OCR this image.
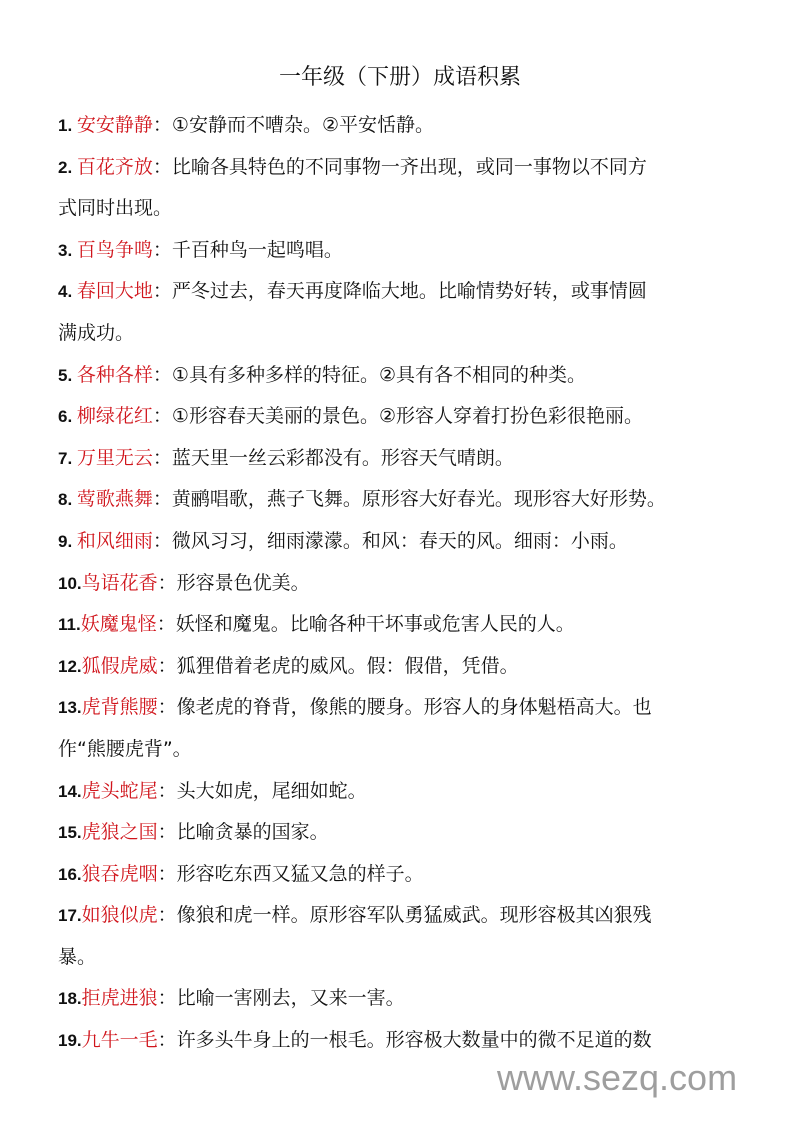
一年级（下册）成语积累
1. 安安静静：①安静而不嘈杂。②平安恬静。
2. 百花齐放：比喻各具特色的不同事物一齐出现，或同一事物以不同方
式同时出现。
3. 百鸟争鸣：千百种鸟一起鸣唱。
4. 春回大地：严冬过去，春天再度降临大地。比喻情势好转，或事情圆
满成功。
5. 各种各样：①具有多种多样的特征。②具有各不相同的种类。
6. 柳绿花红：①形容春天美丽的景色。②形容人穿着打扮色彩很艳丽。
7. 万里无云：蓝天里一丝云彩都没有。形容天气晴朗。
8. 莺歌燕舞：黄鹂唱歌，燕子飞舞。原形容大好春光。现形容大好形势。
9. 和风细雨：微风习习，细雨濛濛。和风：春天的风。细雨：小雨。
10.鸟语花香：形容景色优美。
11.妖魔鬼怪：妖怪和魔鬼。比喻各种干坏事或危害人民的人。
12.狐假虎威：狐狸借着老虎的威风。假：假借，凭借。
13.虎背熊腰：像老虎的脊背，像熊的腰身。形容人的身体魁梧高大。也
作“熊腰虎背”。
14.虎头蛇尾：头大如虎，尾细如蛇。
15.虎狼之国：比喻贪暴的国家。
16.狼吞虎咽：形容吃东西又猛又急的样子。
17.如狼似虎：像狼和虎一样。原形容军队勇猛威武。现形容极其凶狠残
暴。
18.拒虎进狼：比喻一害刚去，又来一害。
19.九牛一毛：许多头牛身上的一根毛。形容极大数量中的微不足道的数
www.sezq.com
